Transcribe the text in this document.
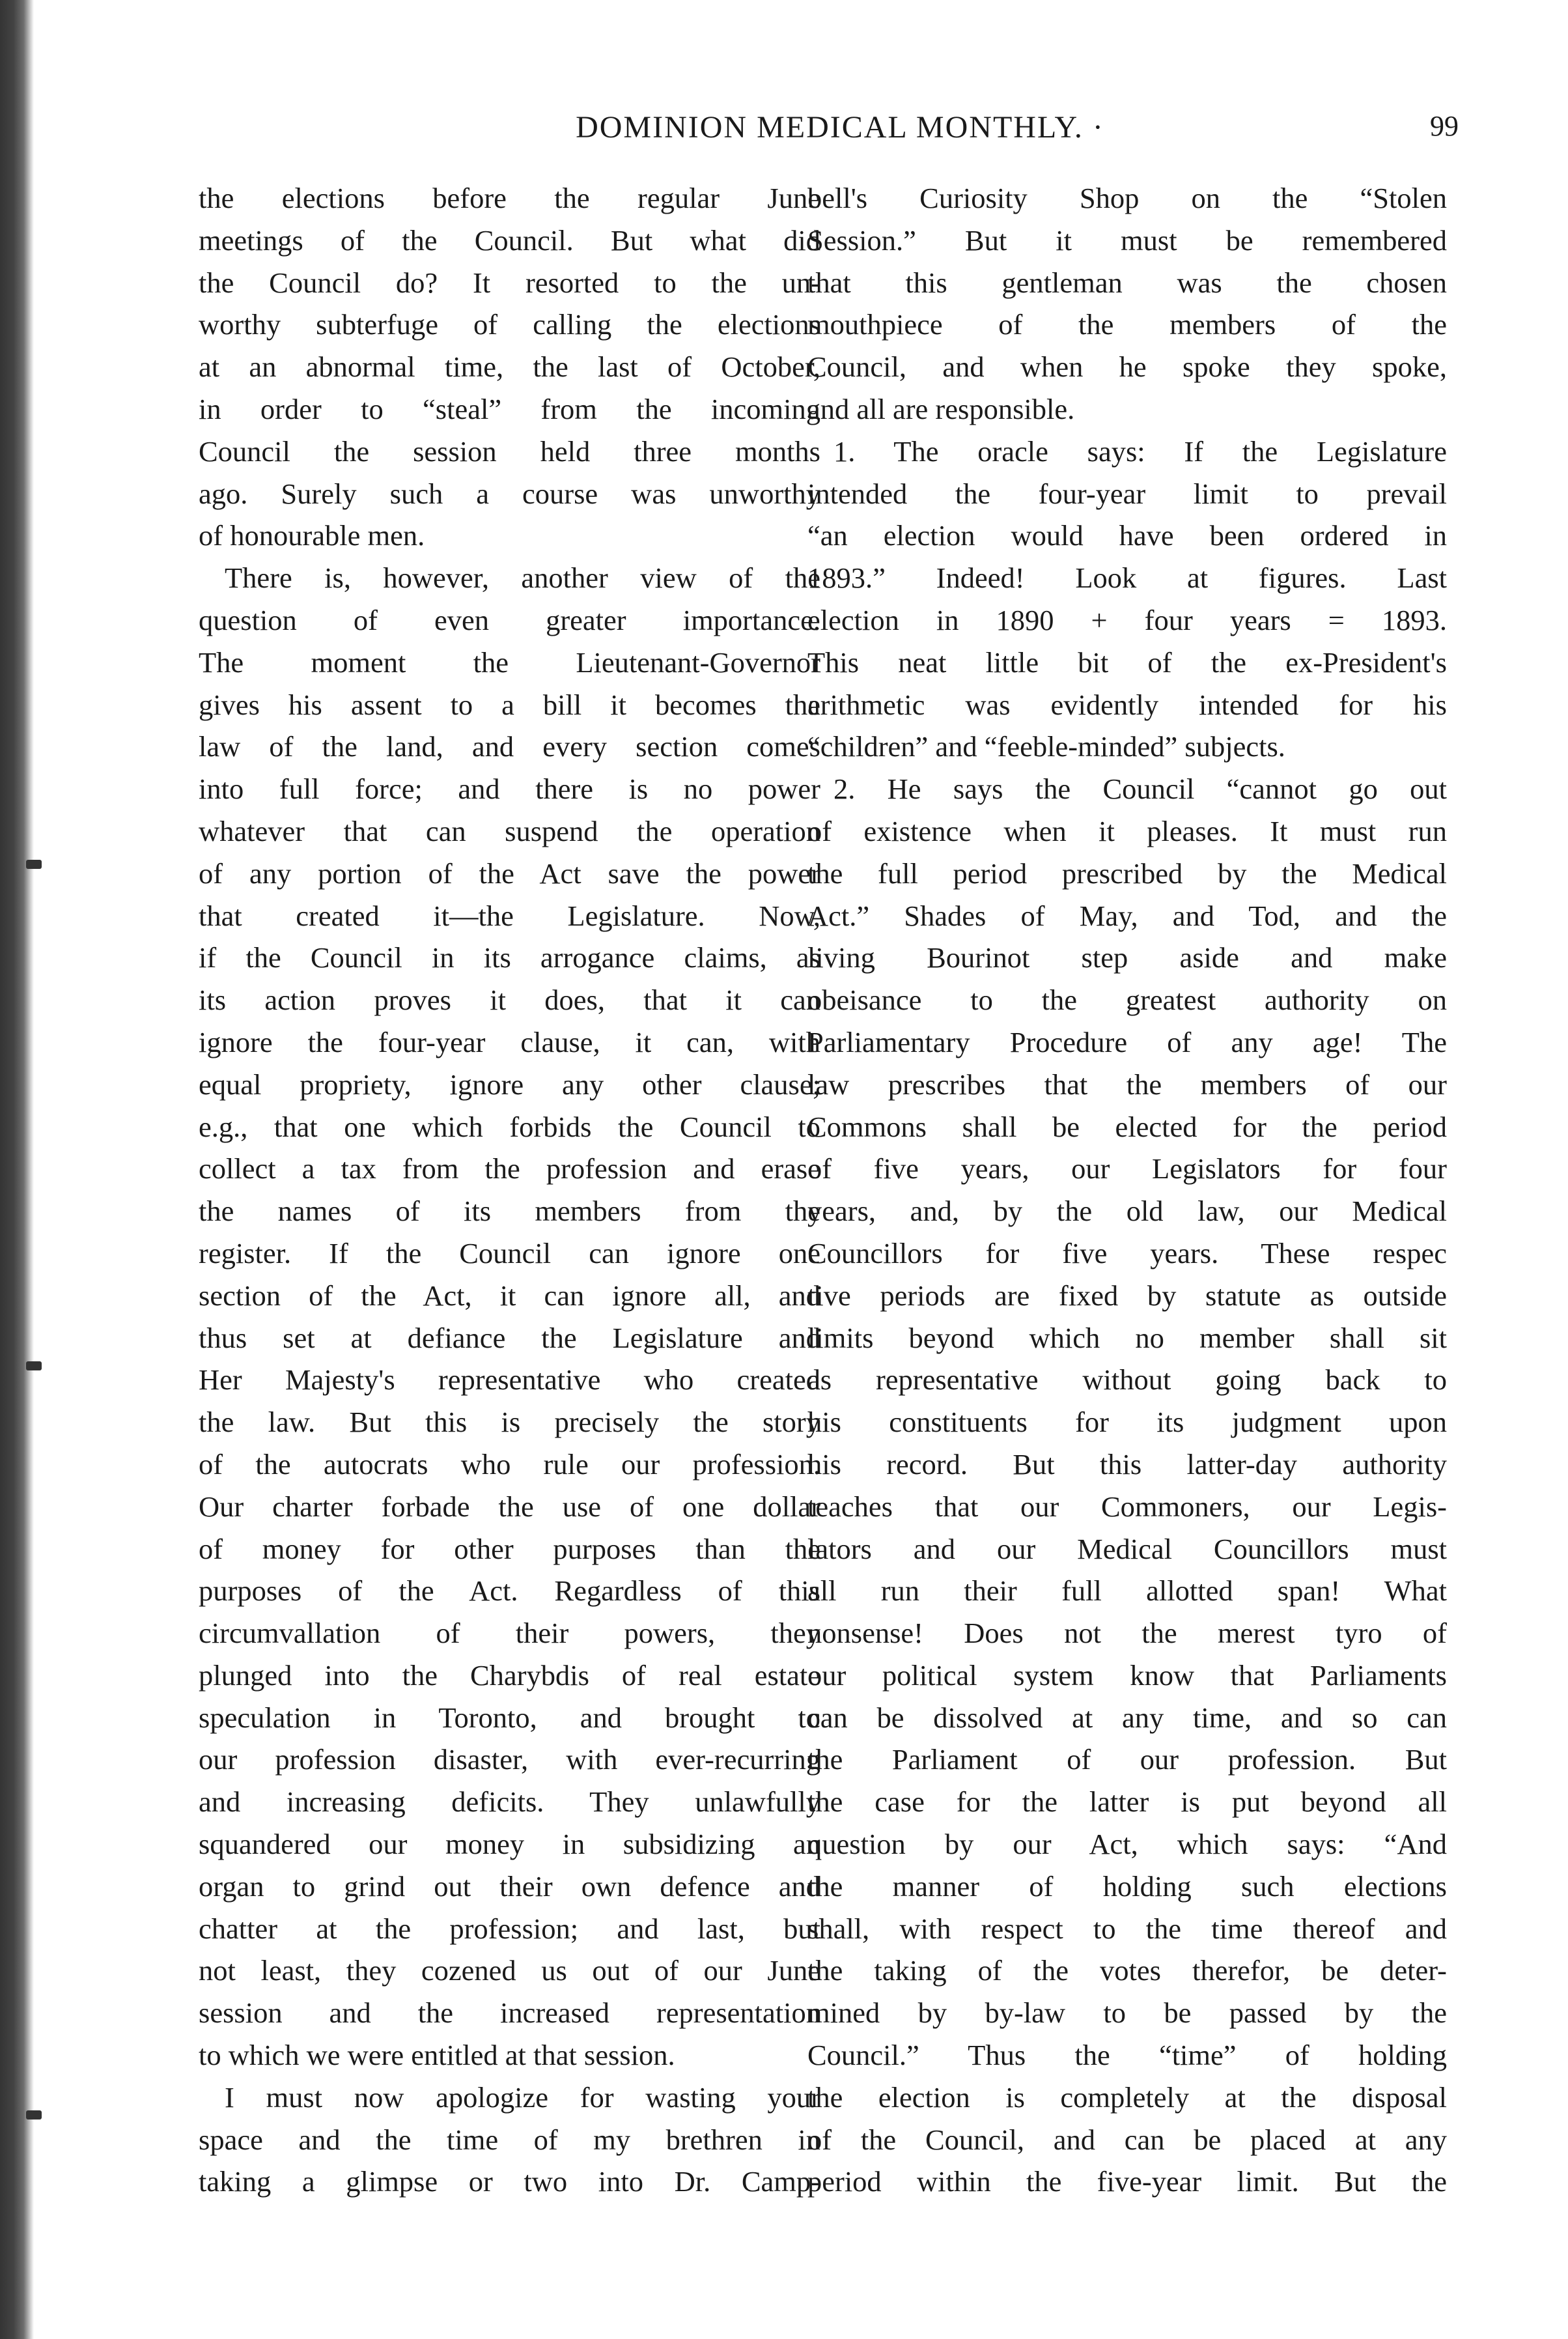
DOMINION MEDICAL MONTHLY. ·	99
the elections before the regular June
meetings of the Council. But what did
the Council do? It resorted to the un-
worthy subterfuge of calling the elections
at an abnormal time, the last of October,
in order to “steal” from the incoming
Council the session held three months
ago. Surely such a course was unworthy
of honourable men.
There is, however, another view of the
question of even greater importance.
The moment the Lieutenant-Governor
gives his assent to a bill it becomes the
law of the land, and every section comes
into full force; and there is no power
whatever that can suspend the operation
of any portion of the Act save the power
that created it—the Legislature. Now,
if the Council in its arrogance claims, as
its action proves it does, that it can
ignore the four-year clause, it can, with
equal propriety, ignore any other clause;
e.g., that one which forbids the Council to
collect a tax from the profession and erase
the names of its members from the
register. If the Council can ignore one
section of the Act, it can ignore all, and
thus set at defiance the Legislature and
Her Majesty's representative who created
the law. But this is precisely the story
of the autocrats who rule our profession.
Our charter forbade the use of one dollar
of money for other purposes than the
purposes of the Act. Regardless of this
circumvallation of their powers, they
plunged into the Charybdis of real estate
speculation in Toronto, and brought to
our profession disaster, with ever-recurring
and increasing deficits. They unlawfully
squandered our money in subsidizing an
organ to grind out their own defence and
chatter at the profession; and last, but
not least, they cozened us out of our June
session and the increased representation
to which we were entitled at that session.
I must now apologize for wasting your
space and the time of my brethren in
taking a glimpse or two into Dr. Camp-
bell's Curiosity Shop on the “Stolen
Session.” But it must be remembered
that this gentleman was the chosen
mouthpiece of the members of the
Council, and when he spoke they spoke,
and all are responsible.
1. The oracle says: If the Legislature
intended the four-year limit to prevail
“an election would have been ordered in
1893.” Indeed! Look at figures. Last
election in 1890 + four years = 1893.
This neat little bit of the ex-President's
arithmetic was evidently intended for his
“children” and “feeble-minded” subjects.
2. He says the Council “cannot go out
of existence when it pleases. It must run
the full period prescribed by the Medical
Act.” Shades of May, and Tod, and the
living Bourinot step aside and make
obeisance to the greatest authority on
Parliamentary Procedure of any age! The
law prescribes that the members of our
Commons shall be elected for the period
of five years, our Legislators for four
years, and, by the old law, our Medical
Councillors for five years. These respec
tive periods are fixed by statute as outside
limits beyond which no member shall sit
as representative without going back to
his constituents for its judgment upon
his record. But this latter-day authority
teaches that our Commoners, our Legis-
lators and our Medical Councillors must
all run their full allotted span! What
nonsense! Does not the merest tyro of
our political system know that Parliaments
can be dissolved at any time, and so can
the Parliament of our profession. But
the case for the latter is put beyond all
question by our Act, which says: “And
the manner of holding such elections
shall, with respect to the time thereof and
the taking of the votes therefor, be deter-
mined by by-law to be passed by the
Council.” Thus the “time” of holding
the election is completely at the disposal
of the Council, and can be placed at any
period within the five-year limit. But the
